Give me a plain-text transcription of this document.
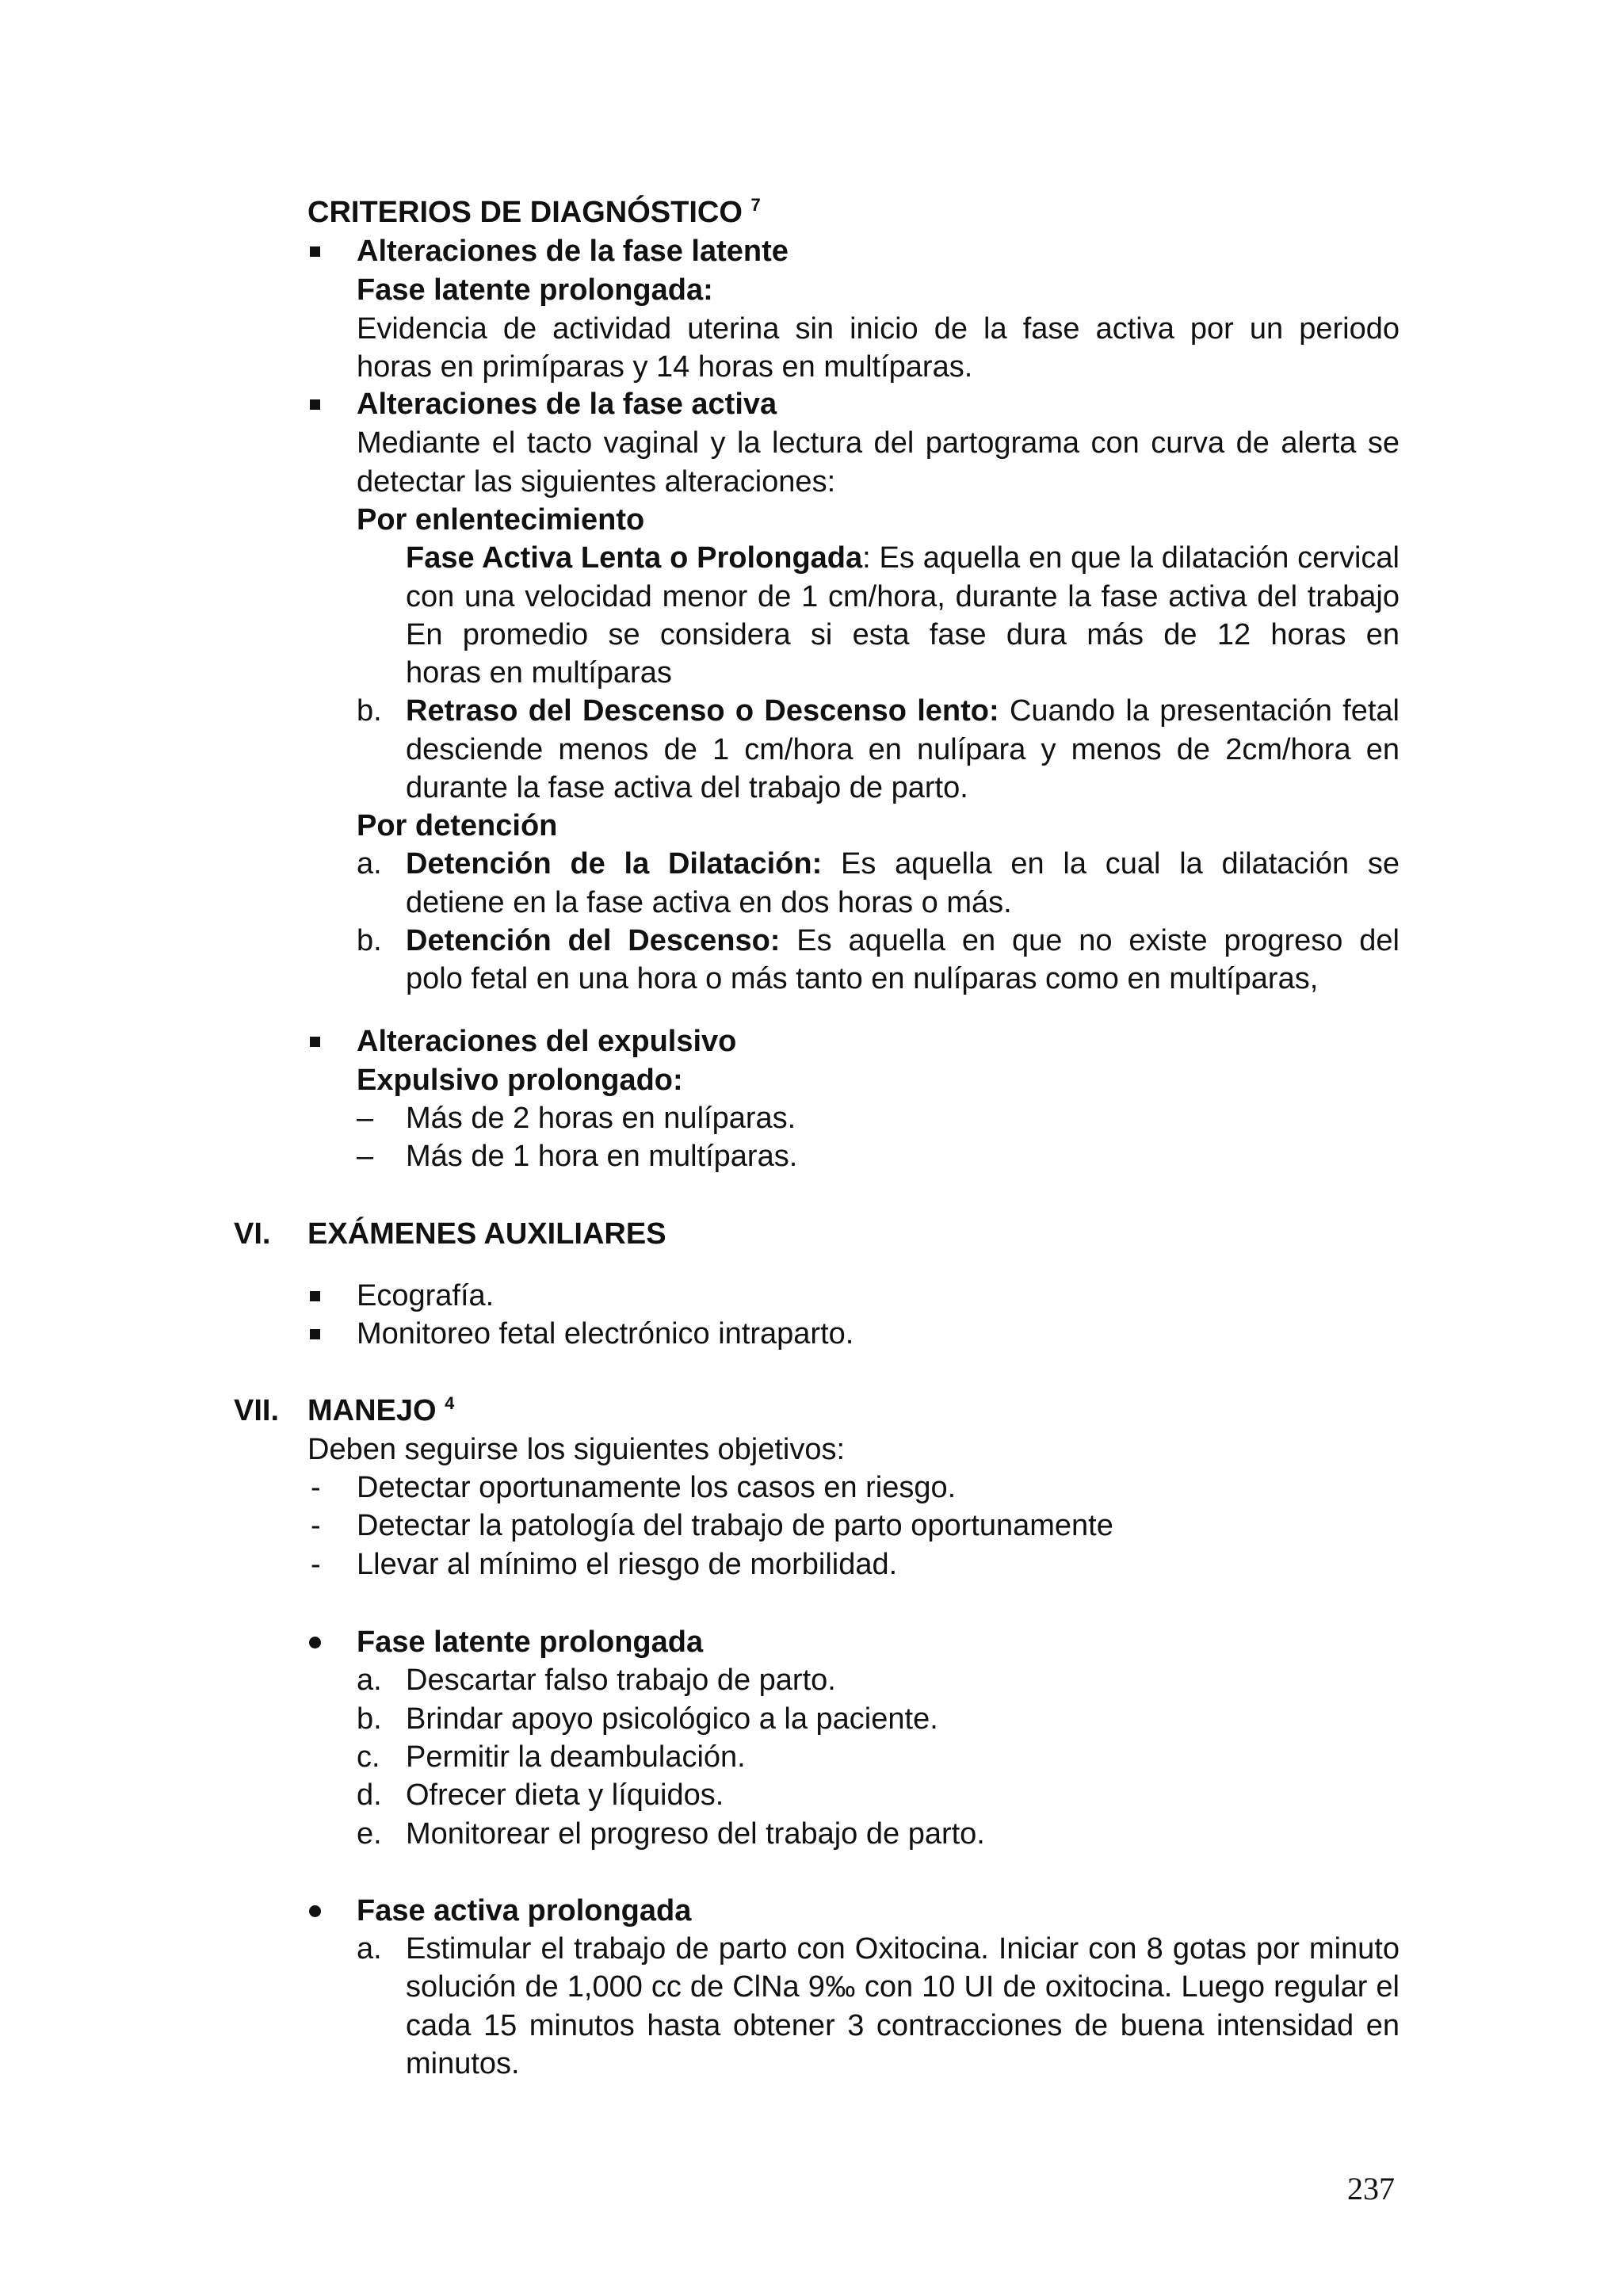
CRITERIOS DE DIAGNÓSTICO $^7$
Alteraciones de la fase latente
Fase latente prolongada:
Evidencia de actividad uterina sin inicio de la fase activa por un periodo
horas en primíparas y 14 horas en multíparas.
Alteraciones de la fase activa
Mediante el tacto vaginal y la lectura del partograma con curva de alerta se
detectar las siguientes alteraciones:
Por enlentecimiento
Fase Activa Lenta o Prolongada: Es aquella en que la dilatación cervical
con una velocidad menor de 1 cm/hora, durante la fase activa del trabajo
En promedio se considera si esta fase dura más de 12 horas en
horas en multíparas
b. Retraso del Descenso o Descenso lento: Cuando la presentación fetal
desciende menos de 1 cm/hora en nulípara y menos de 2cm/hora en
durante la fase activa del trabajo de parto.
Por detención
a. Detención de la Dilatación: Es aquella en la cual la dilatación se
detiene en la fase activa en dos horas o más.
b. Detención del Descenso: Es aquella en que no existe progreso del
polo fetal en una hora o más tanto en nulíparas como en multíparas,
Alteraciones del expulsivo
Expulsivo prolongado:
– Más de 2 horas en nulíparas.
– Más de 1 hora en multíparas.
VI. EXÁMENES AUXILIARES
Ecografía.
Monitoreo fetal electrónico intraparto.
VII. MANEJO $^4$
Deben seguirse los siguientes objetivos:
- Detectar oportunamente los casos en riesgo.
- Detectar la patología del trabajo de parto oportunamente
- Llevar al mínimo el riesgo de morbilidad.
Fase latente prolongada
a. Descartar falso trabajo de parto.
b. Brindar apoyo psicológico a la paciente.
c. Permitir la deambulación.
d. Ofrecer dieta y líquidos.
e. Monitorear el progreso del trabajo de parto.
Fase activa prolongada
a. Estimular el trabajo de parto con Oxitocina. Iniciar con 8 gotas por minuto
solución de 1,000 cc de ClNa 9‰ con 10 UI de oxitocina. Luego regular el
cada 15 minutos hasta obtener 3 contracciones de buena intensidad en
minutos.
237
